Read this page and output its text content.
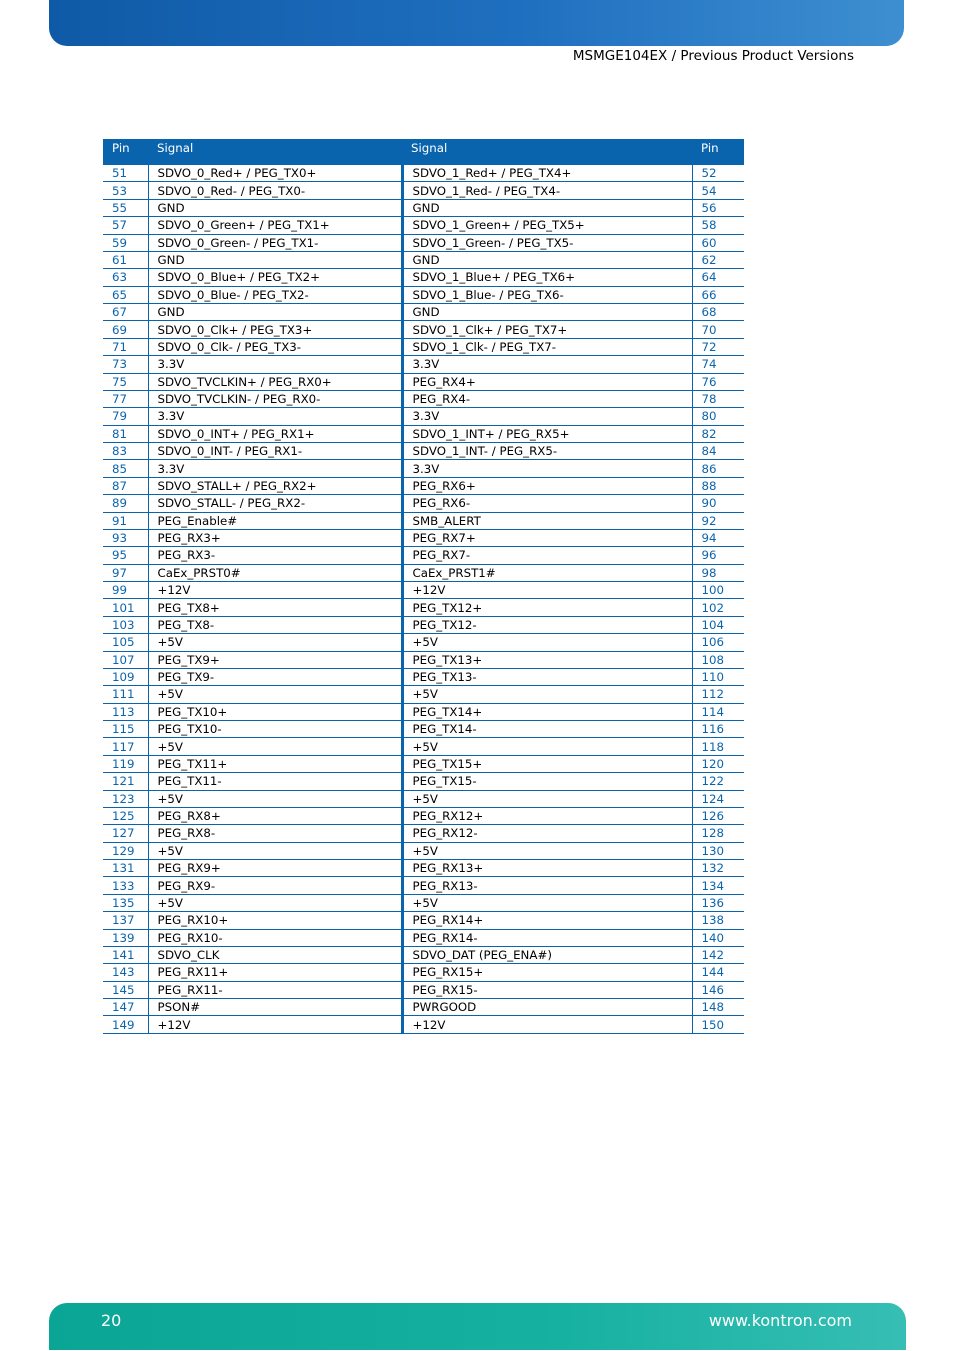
MSMGE104EX / Previous Product Versions
Pin	Signal	Signal	Pin
51	SDVO_0_Red+ / PEG_TX0+	SDVO_1_Red+ / PEG_TX4+	52
53	SDVO_0_Red- / PEG_TX0-	SDVO_1_Red- / PEG_TX4-	54
55	GND	GND	56
57	SDVO_0_Green+ / PEG_TX1+	SDVO_1_Green+ / PEG_TX5+	58
59	SDVO_0_Green- / PEG_TX1-	SDVO_1_Green- / PEG_TX5-	60
61	GND	GND	62
63	SDVO_0_Blue+ / PEG_TX2+	SDVO_1_Blue+ / PEG_TX6+	64
65	SDVO_0_Blue- / PEG_TX2-	SDVO_1_Blue- / PEG_TX6-	66
67	GND	GND	68
69	SDVO_0_Clk+ / PEG_TX3+	SDVO_1_Clk+ / PEG_TX7+	70
71	SDVO_0_Clk- / PEG_TX3-	SDVO_1_Clk- / PEG_TX7-	72
73	3.3V	3.3V	74
75	SDVO_TVCLKIN+ / PEG_RX0+	PEG_RX4+	76
77	SDVO_TVCLKIN- / PEG_RX0-	PEG_RX4-	78
79	3.3V	3.3V	80
81	SDVO_0_INT+ / PEG_RX1+	SDVO_1_INT+ / PEG_RX5+	82
83	SDVO_0_INT- / PEG_RX1-	SDVO_1_INT- / PEG_RX5-	84
85	3.3V	3.3V	86
87	SDVO_STALL+ / PEG_RX2+	PEG_RX6+	88
89	SDVO_STALL- / PEG_RX2-	PEG_RX6-	90
91	PEG_Enable#	SMB_ALERT	92
93	PEG_RX3+	PEG_RX7+	94
95	PEG_RX3-	PEG_RX7-	96
97	CaEx_PRST0#	CaEx_PRST1#	98
99	+12V	+12V	100
101	PEG_TX8+	PEG_TX12+	102
103	PEG_TX8-	PEG_TX12-	104
105	+5V	+5V	106
107	PEG_TX9+	PEG_TX13+	108
109	PEG_TX9-	PEG_TX13-	110
111	+5V	+5V	112
113	PEG_TX10+	PEG_TX14+	114
115	PEG_TX10-	PEG_TX14-	116
117	+5V	+5V	118
119	PEG_TX11+	PEG_TX15+	120
121	PEG_TX11-	PEG_TX15-	122
123	+5V	+5V	124
125	PEG_RX8+	PEG_RX12+	126
127	PEG_RX8-	PEG_RX12-	128
129	+5V	+5V	130
131	PEG_RX9+	PEG_RX13+	132
133	PEG_RX9-	PEG_RX13-	134
135	+5V	+5V	136
137	PEG_RX10+	PEG_RX14+	138
139	PEG_RX10-	PEG_RX14-	140
141	SDVO_CLK	SDVO_DAT (PEG_ENA#)	142
143	PEG_RX11+	PEG_RX15+	144
145	PEG_RX11-	PEG_RX15-	146
147	PSON#	PWRGOOD	148
149	+12V	+12V	150
20	www.kontron.com
